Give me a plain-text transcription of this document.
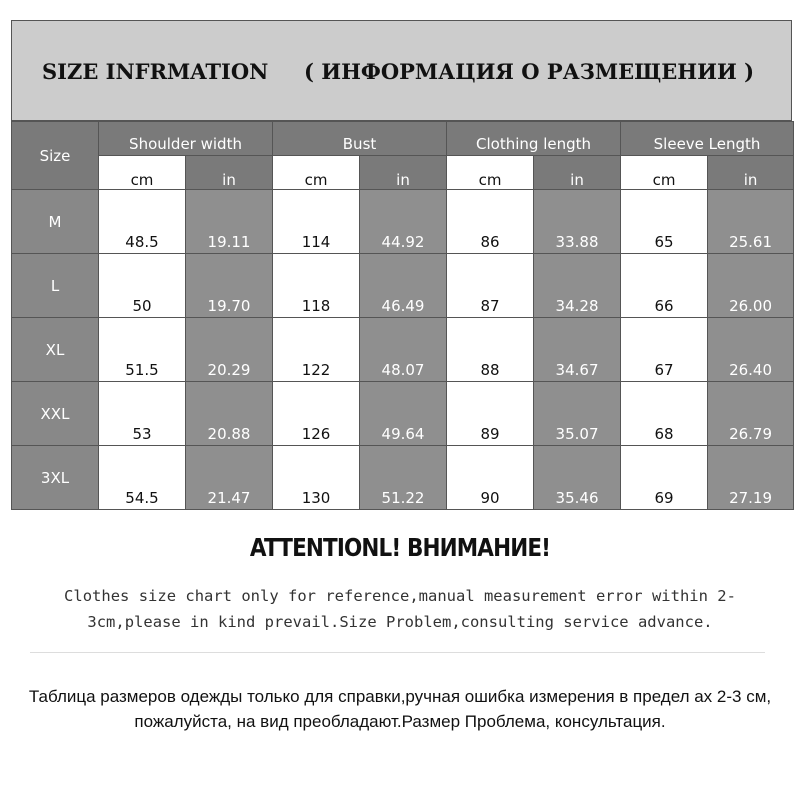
SIZE INFRMATION ( ИНФОРМАЦИЯ О РАЗМЕЩЕНИИ )
Size	Shoulder width		Bust		Clothing length		Sleeve Length	
	cm	in	cm	in	cm	in	cm	in
M	48.5	19.11	114	44.92	86	33.88	65	25.61
L	50	19.70	118	46.49	87	34.28	66	26.00
XL	51.5	20.29	122	48.07	88	34.67	67	26.40
XXL	53	20.88	126	49.64	89	35.07	68	26.79
3XL	54.5	21.47	130	51.22	90	35.46	69	27.19
ATTENTIONL! ВНИМАНИЕ!
Clothes size chart only for reference,manual measurement error within 2-3cm,please in kind prevail.Size Problem,consulting service advance.
Таблица размеров одежды только для справки,ручная ошибка измерения в предел ах 2-3 см, пожалуйста, на вид преобладают.Размер Проблема, консультация.
